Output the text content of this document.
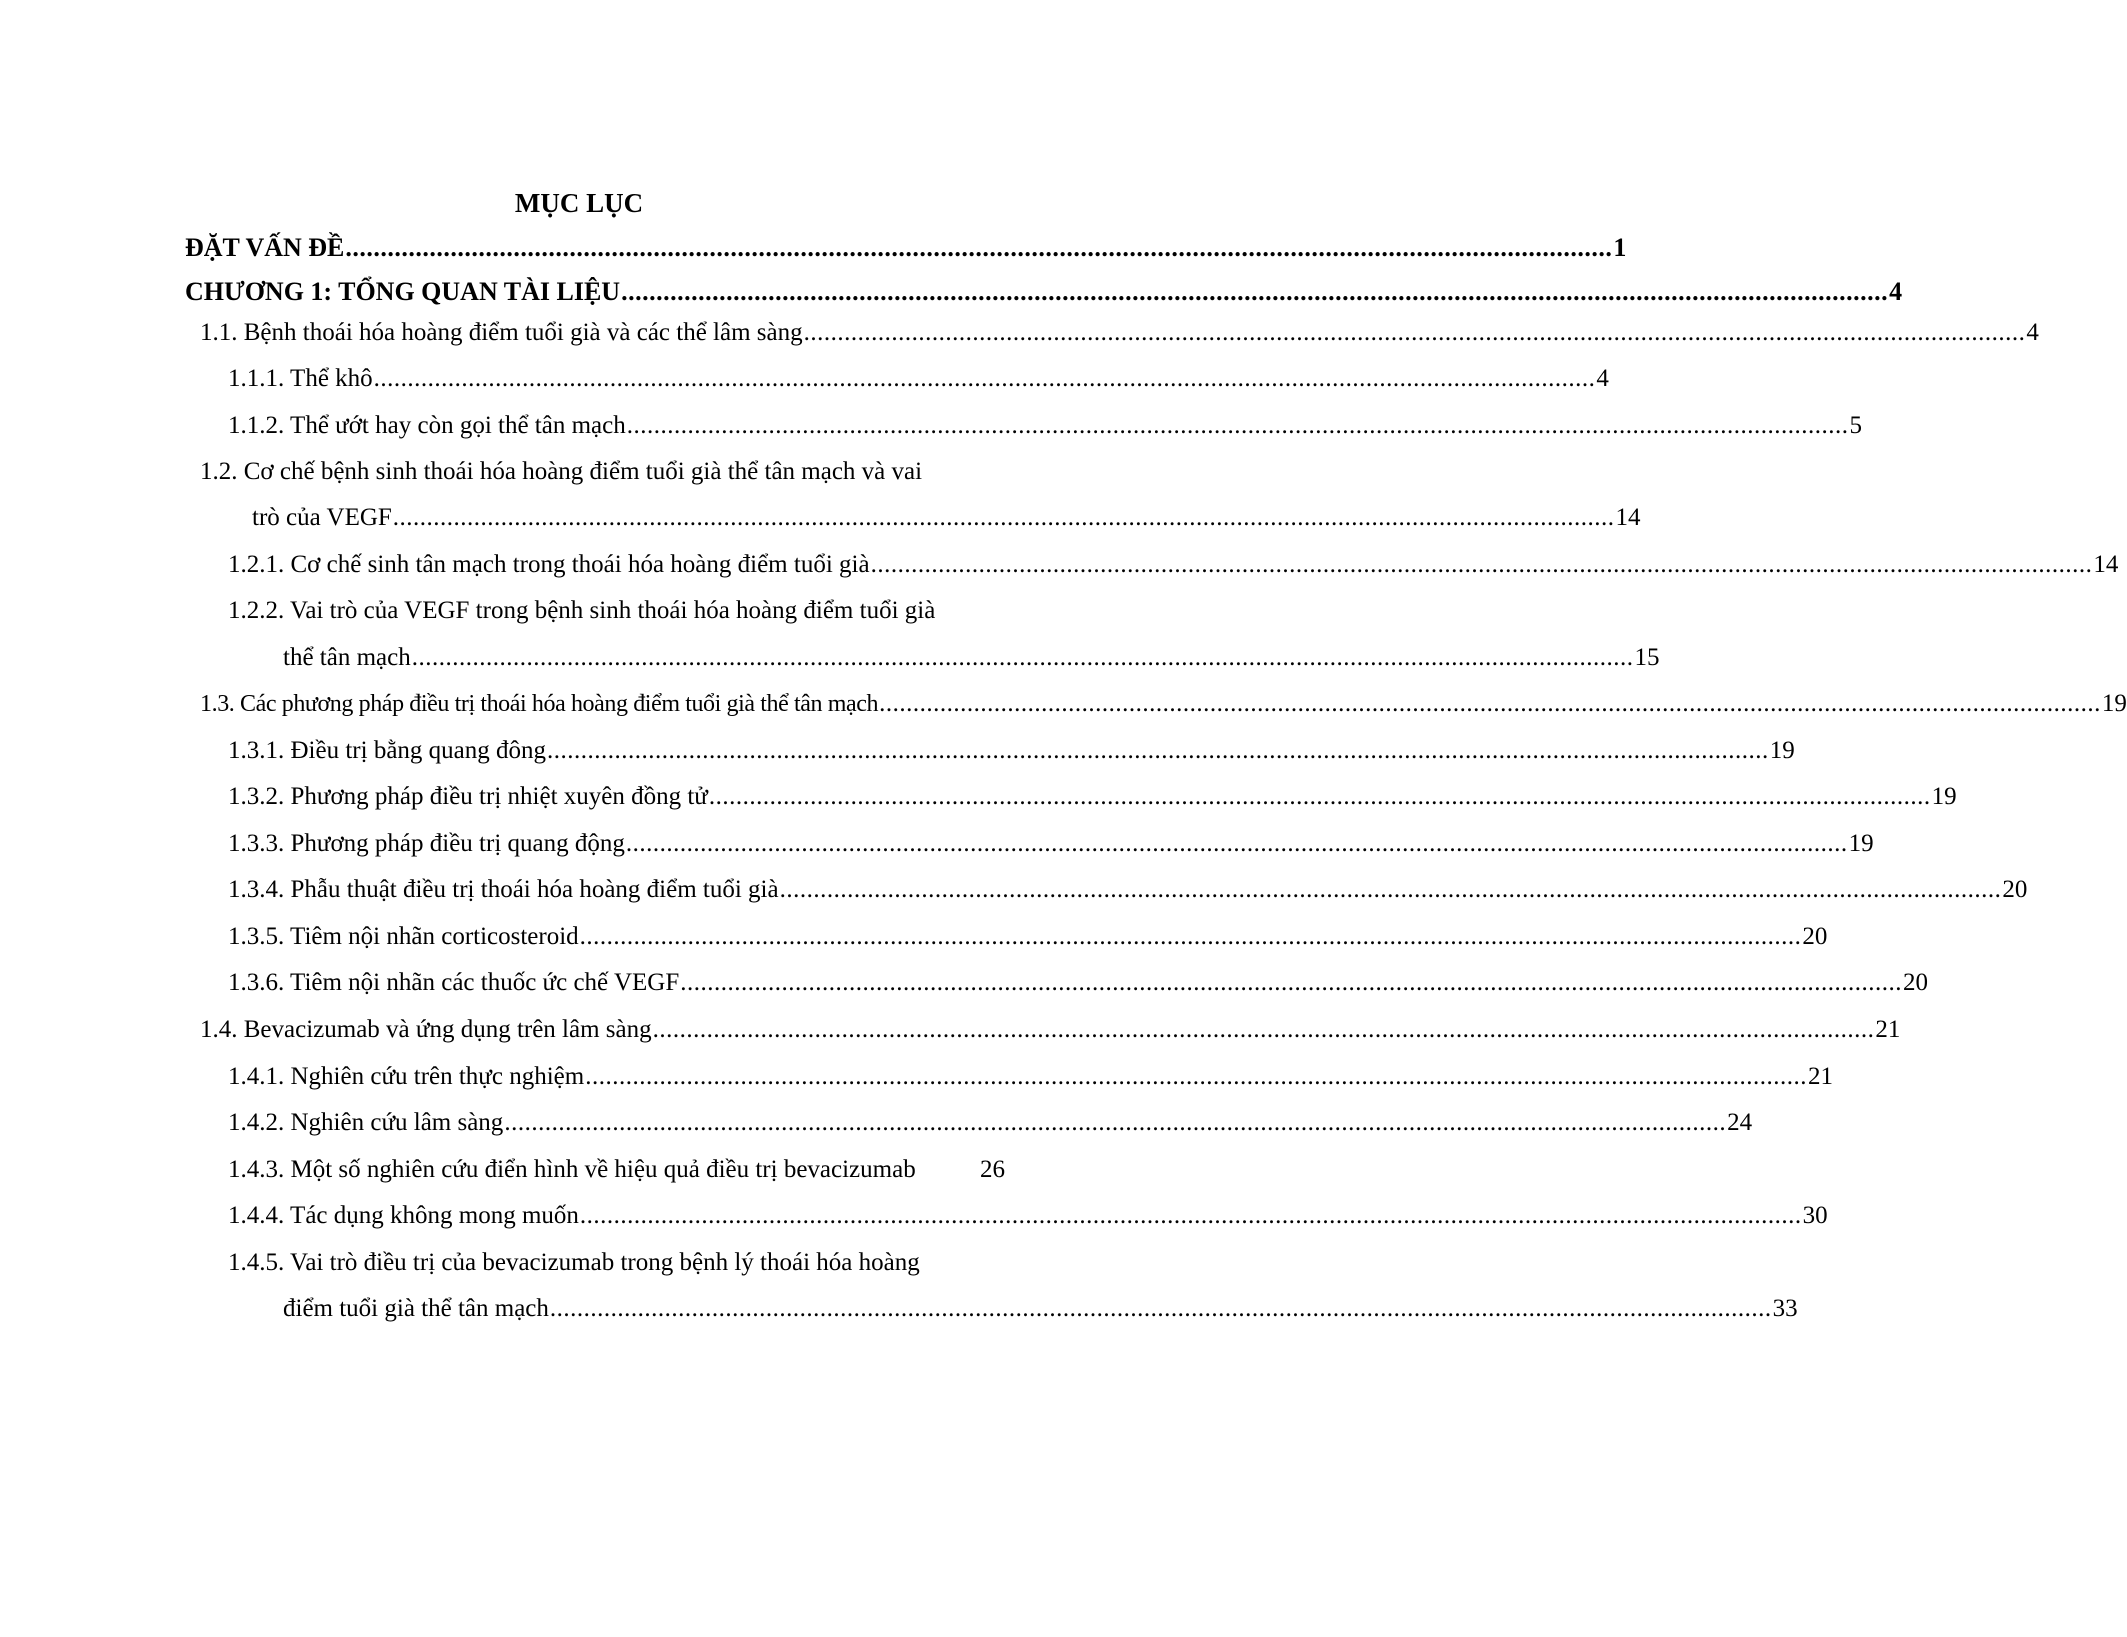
MỤC LỤC
ĐẶT VẤN ĐỀ ..................................................................................................................................................................................... 1
CHƯƠNG 1: TỔNG QUAN TÀI LIỆU ..................................................................................................................................................................................... 4
1.1. Bệnh thoái hóa hoàng điểm tuổi già và các thể lâm sàng ..................................................................................................................................................................................... 4
1.1.1. Thể khô ..................................................................................................................................................................................... 4
1.1.2. Thể ướt hay còn gọi thể tân mạch ..................................................................................................................................................................................... 5
1.2. Cơ chế bệnh sinh thoái hóa hoàng điểm tuổi già thể tân mạch và vai
trò của VEGF ..................................................................................................................................................................................... 14
1.2.1. Cơ chế sinh tân mạch trong thoái hóa hoàng điểm tuổi già ..................................................................................................................................................................................... 14
1.2.2. Vai trò của VEGF trong bệnh sinh thoái hóa hoàng điểm tuổi già
thể tân mạch ..................................................................................................................................................................................... 15
1.3. Các phương pháp điều trị thoái hóa hoàng điểm tuổi già thể tân mạch ..................................................................................................................................................................................... 19
1.3.1. Điều trị bằng quang đông ..................................................................................................................................................................................... 19
1.3.2. Phương pháp điều trị nhiệt xuyên đồng tử ..................................................................................................................................................................................... 19
1.3.3. Phương pháp điều trị quang động ..................................................................................................................................................................................... 19
1.3.4. Phẫu thuật điều trị thoái hóa hoàng điểm tuổi già ..................................................................................................................................................................................... 20
1.3.5. Tiêm nội nhãn corticosteroid ..................................................................................................................................................................................... 20
1.3.6. Tiêm nội nhãn các thuốc ức chế VEGF ..................................................................................................................................................................................... 20
1.4. Bevacizumab và ứng dụng trên lâm sàng ..................................................................................................................................................................................... 21
1.4.1. Nghiên cứu trên thực nghiệm ..................................................................................................................................................................................... 21
1.4.2. Nghiên cứu lâm sàng ..................................................................................................................................................................................... 24
1.4.3. Một số nghiên cứu điển hình về hiệu quả điều trị bevacizumab	26
1.4.4. Tác dụng không mong muốn ..................................................................................................................................................................................... 30
1.4.5. Vai trò điều trị của bevacizumab trong bệnh lý thoái hóa hoàng
điểm tuổi già thể tân mạch ..................................................................................................................................................................................... 33
